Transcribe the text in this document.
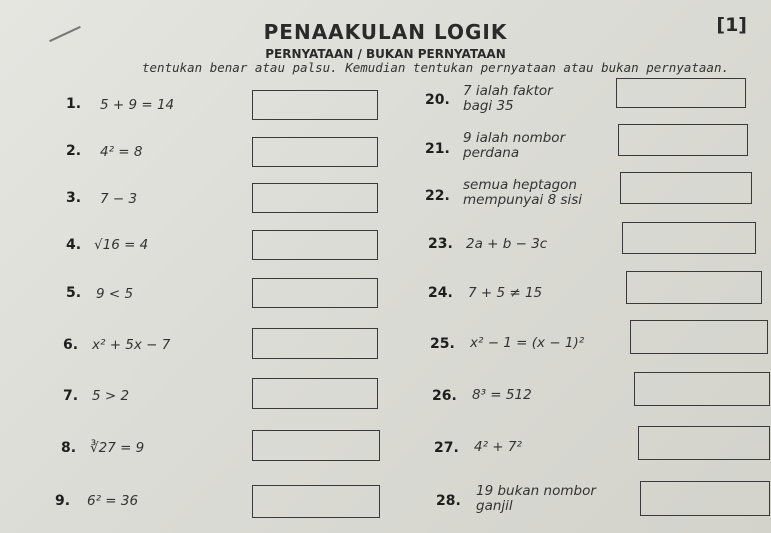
PENAAKULAN LOGIK	[1]
PERNYATAAN / BUKAN PERNYATAAN
tentukan benar atau palsu. Kemudian tentukan pernyataan atau bukan pernyataan.
1. 5 + 9 = 14
2. 4² = 8
3. 7 − 3
4. √16 = 4
5. 9 < 5
6. x² + 5x − 7
7. 5 > 2
8. ∛27 = 9
9. 6² = 36
20.
7 ialah faktor
bagi 35
21.
9 ialah nombor
perdana
22.
semua heptagon
mempunyai 8 sisi
23. 2a + b − 3c
24. 7 + 5 ≠ 15
25. x² − 1 = (x − 1)²
26. 8³ = 512
27. 4² + 7²
28.
19 bukan nombor
ganjil
